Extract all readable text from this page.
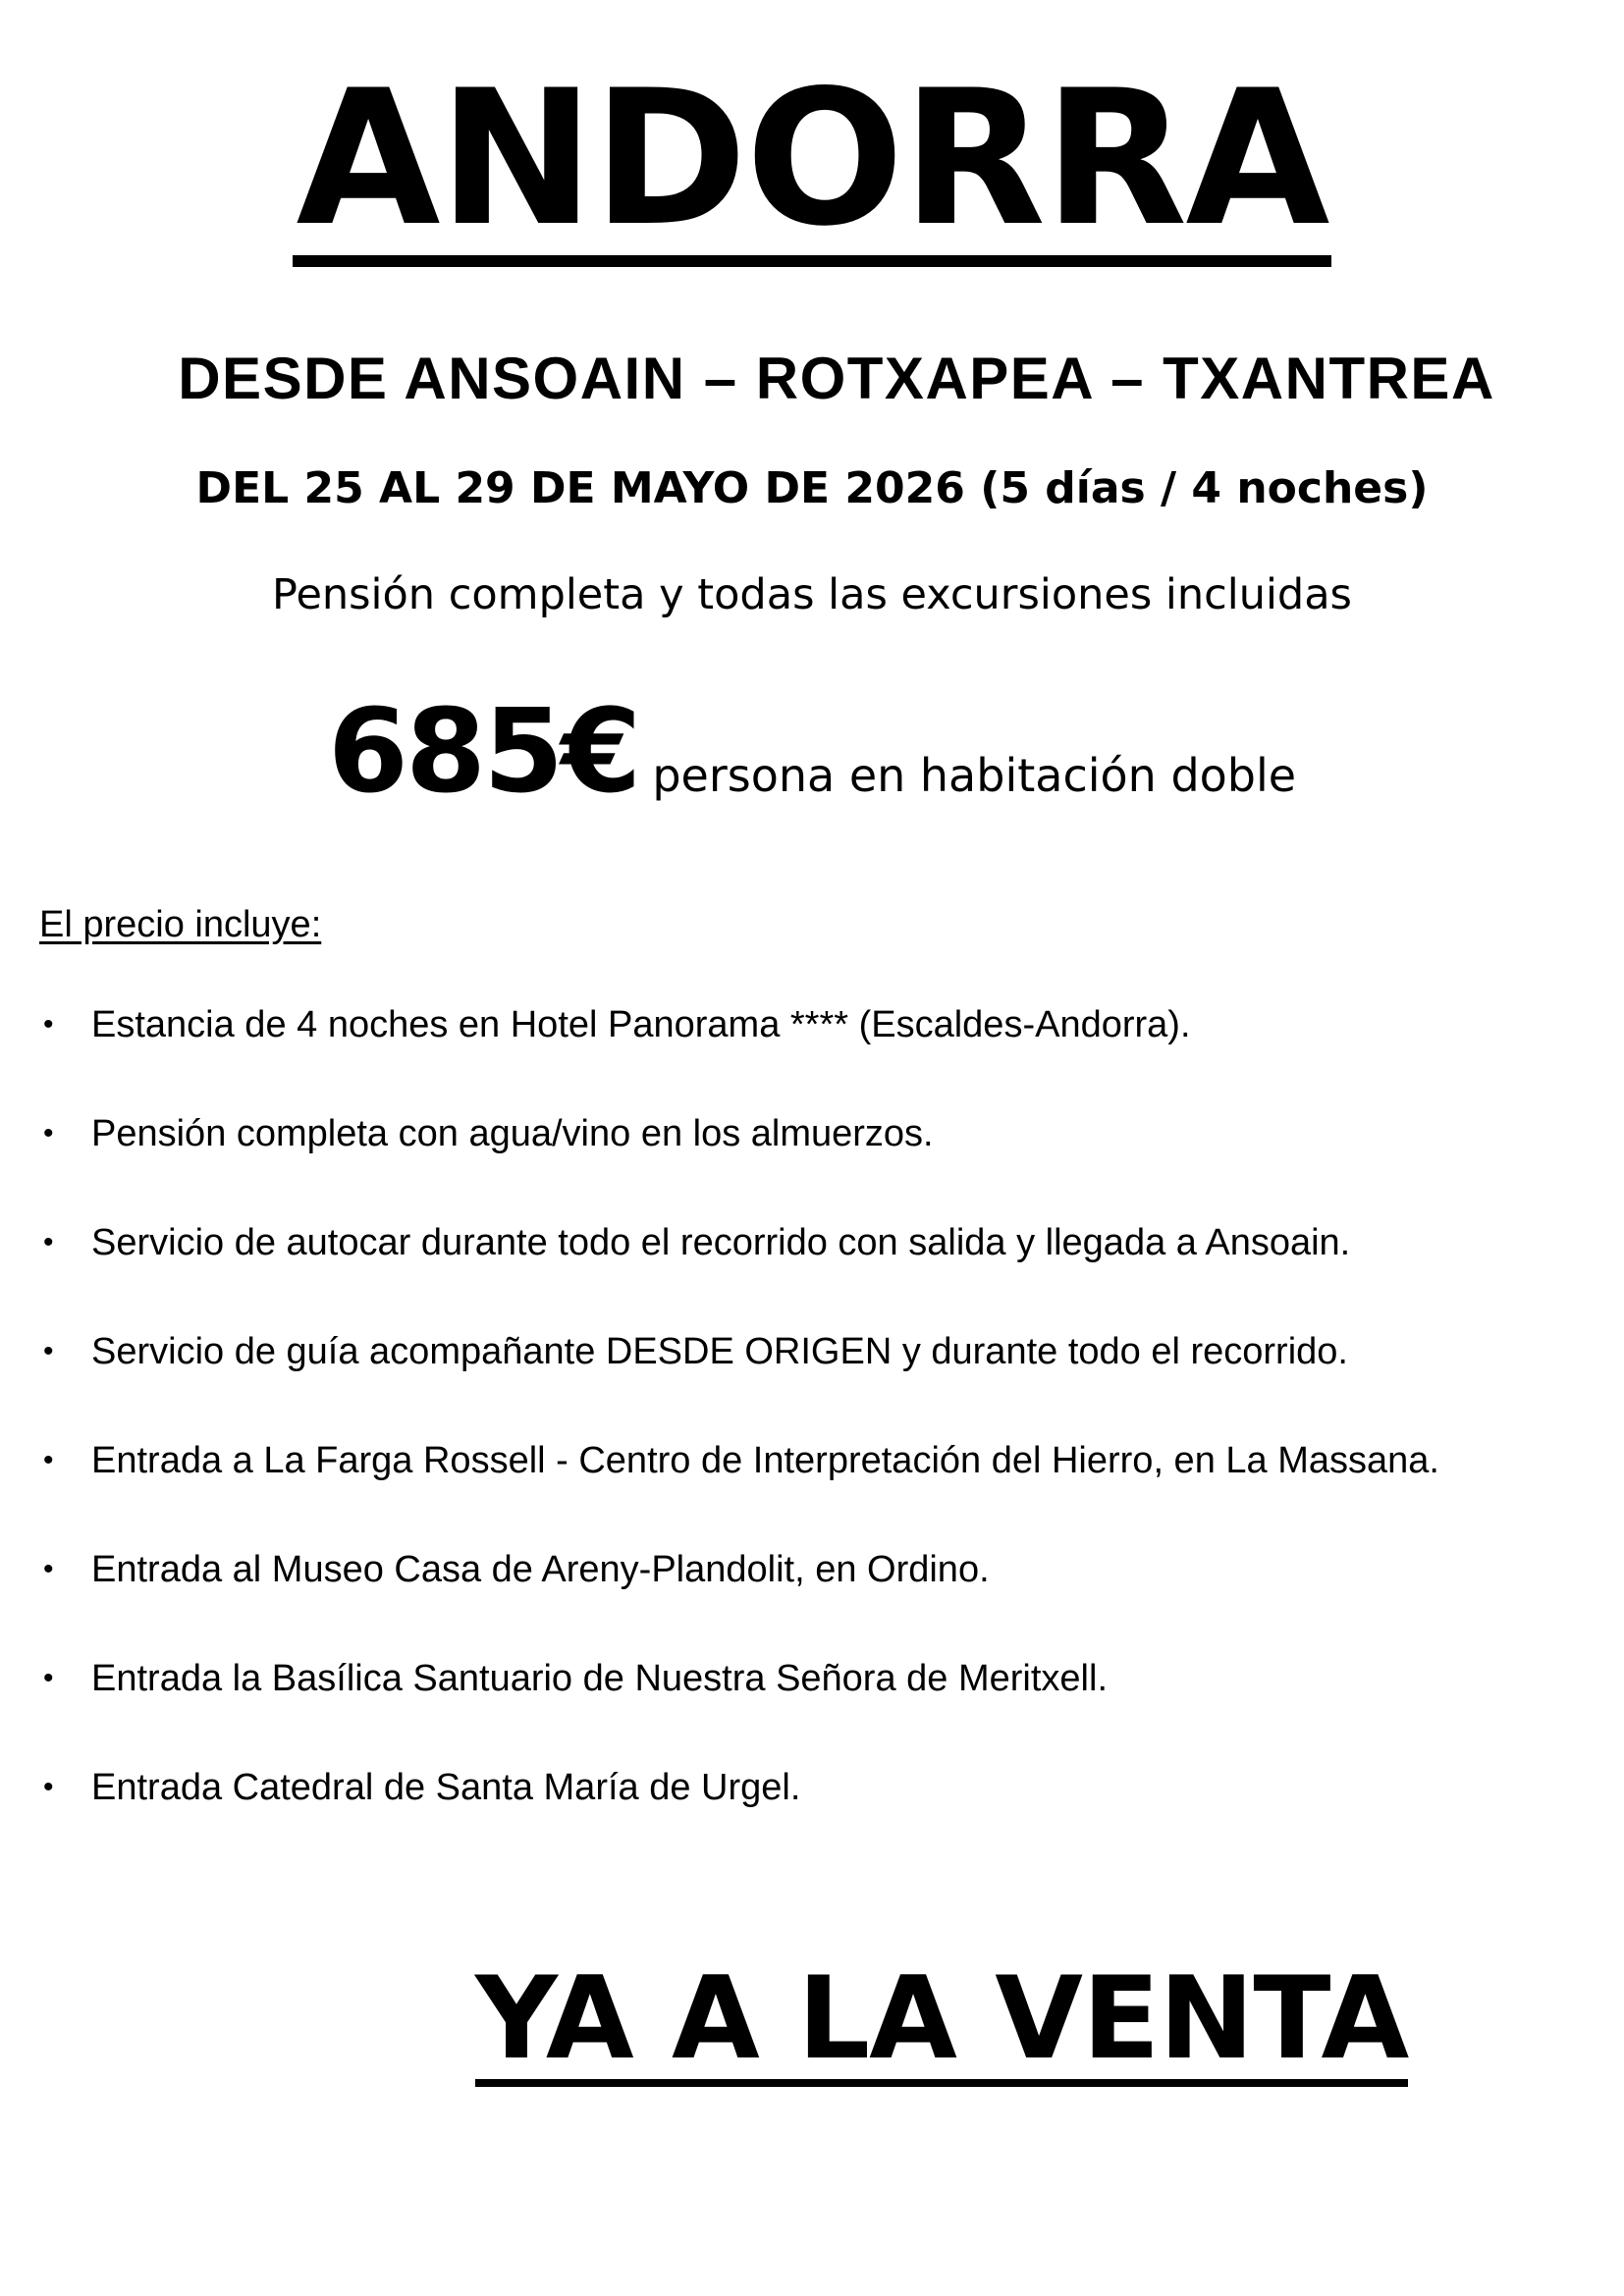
ANDORRA
DESDE ANSOAIN – ROTXAPEA – TXANTREA
DEL 25 AL 29 DE MAYO DE 2026 (5 días / 4 noches)
Pensión completa y todas las excursiones incluidas
685€ persona en habitación doble
El precio incluye:
• Estancia de 4 noches en Hotel Panorama **** (Escaldes-Andorra).
• Pensión completa con agua/vino en los almuerzos.
• Servicio de autocar durante todo el recorrido con salida y llegada a Ansoain.
• Servicio de guía acompañante DESDE ORIGEN y durante todo el recorrido.
• Entrada a La Farga Rossell - Centro de Interpretación del Hierro, en La Massana.
• Entrada al Museo Casa de Areny-Plandolit, en Ordino.
• Entrada la Basílica Santuario de Nuestra Señora de Meritxell.
• Entrada Catedral de Santa María de Urgel.
YA A LA VENTA
